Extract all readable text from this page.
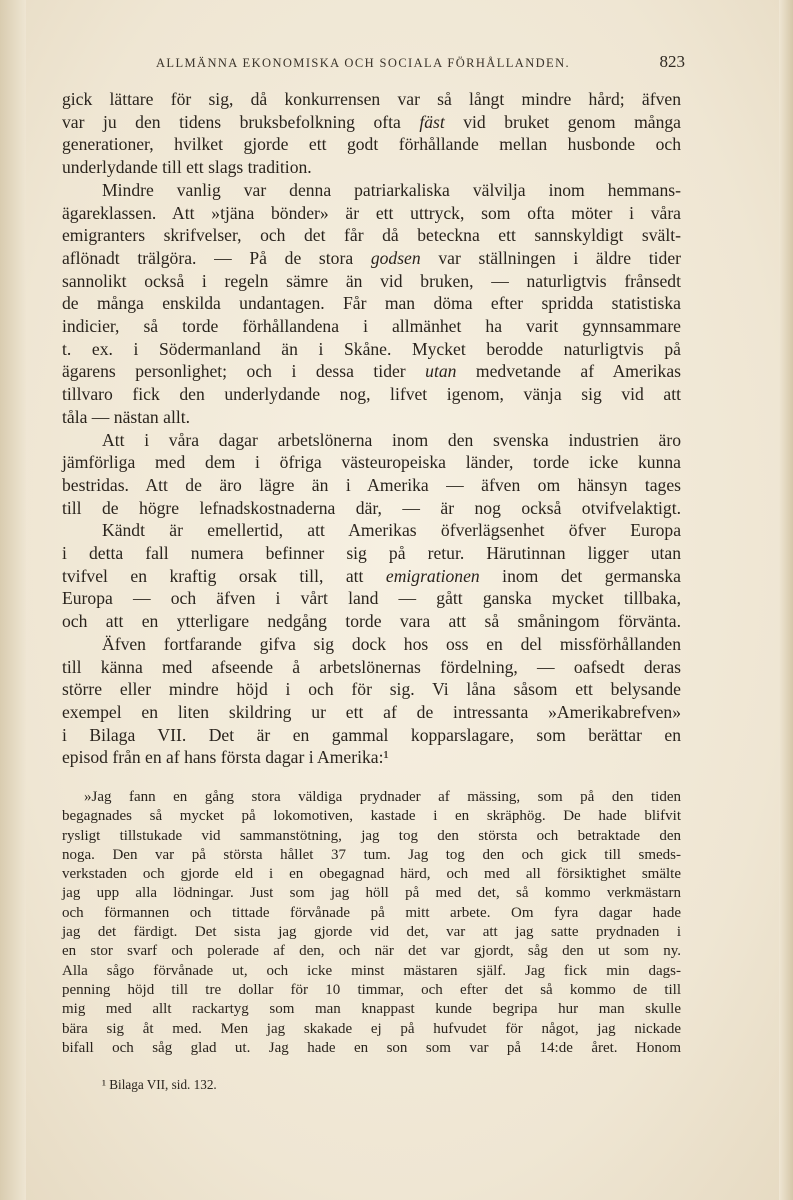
ALLMÄNNA EKONOMISKA OCH SOCIALA FÖRHÅLLANDEN.	823
gick lättare för sig, då konkurrensen var så långt mindre hård; äfven
var ju den tidens bruksbefolkning ofta fäst vid bruket genom många
generationer, hvilket gjorde ett godt förhållande mellan husbonde och
underlydande till ett slags tradition.
Mindre vanlig var denna patriarkaliska välvilja inom hemmans-
ägareklassen. Att »tjäna bönder» är ett uttryck, som ofta möter i våra
emigranters skrifvelser, och det får då beteckna ett sannskyldigt svält-
aflönadt trälgöra. — På de stora godsen var ställningen i äldre tider
sannolikt också i regeln sämre än vid bruken, — naturligtvis frånsedt
de många enskilda undantagen. Får man döma efter spridda statistiska
indicier, så torde förhållandena i allmänhet ha varit gynnsammare
t. ex. i Södermanland än i Skåne. Mycket berodde naturligtvis på
ägarens personlighet; och i dessa tider utan medvetande af Amerikas
tillvaro fick den underlydande nog, lifvet igenom, vänja sig vid att
tåla — nästan allt.
Att i våra dagar arbetslönerna inom den svenska industrien äro
jämförliga med dem i öfriga västeuropeiska länder, torde icke kunna
bestridas. Att de äro lägre än i Amerika — äfven om hänsyn tages
till de högre lefnadskostnaderna där, — är nog också otvifvelaktigt.
Kändt är emellertid, att Amerikas öfverlägsenhet öfver Europa
i detta fall numera befinner sig på retur. Härutinnan ligger utan
tvifvel en kraftig orsak till, att emigrationen inom det germanska
Europa — och äfven i vårt land — gått ganska mycket tillbaka,
och att en ytterligare nedgång torde vara att så småningom förvänta.
Äfven fortfarande gifva sig dock hos oss en del missförhållanden
till känna med afseende å arbetslönernas fördelning, — oafsedt deras
större eller mindre höjd i och för sig. Vi låna såsom ett belysande
exempel en liten skildring ur ett af de intressanta »Amerikabrefven»
i Bilaga VII. Det är en gammal kopparslagare, som berättar en
episod från en af hans första dagar i Amerika:¹
»Jag fann en gång stora väldiga prydnader af mässing, som på den tiden
begagnades så mycket på lokomotiven, kastade i en skräphög. De hade blifvit
rysligt tillstukade vid sammanstötning, jag tog den största och betraktade den
noga. Den var på största hållet 37 tum. Jag tog den och gick till smeds-
verkstaden och gjorde eld i en obegagnad härd, och med all försiktighet smälte
jag upp alla lödningar. Just som jag höll på med det, så kommo verkmästarn
och förmannen och tittade förvånade på mitt arbete. Om fyra dagar hade
jag det färdigt. Det sista jag gjorde vid det, var att jag satte prydnaden i
en stor svarf och polerade af den, och när det var gjordt, såg den ut som ny.
Alla sågo förvånade ut, och icke minst mästaren själf. Jag fick min dags-
penning höjd till tre dollar för 10 timmar, och efter det så kommo de till
mig med allt rackartyg som man knappast kunde begripa hur man skulle
bära sig åt med. Men jag skakade ej på hufvudet för något, jag nickade
bifall och såg glad ut. Jag hade en son som var på 14:de året. Honom
¹ Bilaga VII, sid. 132.
